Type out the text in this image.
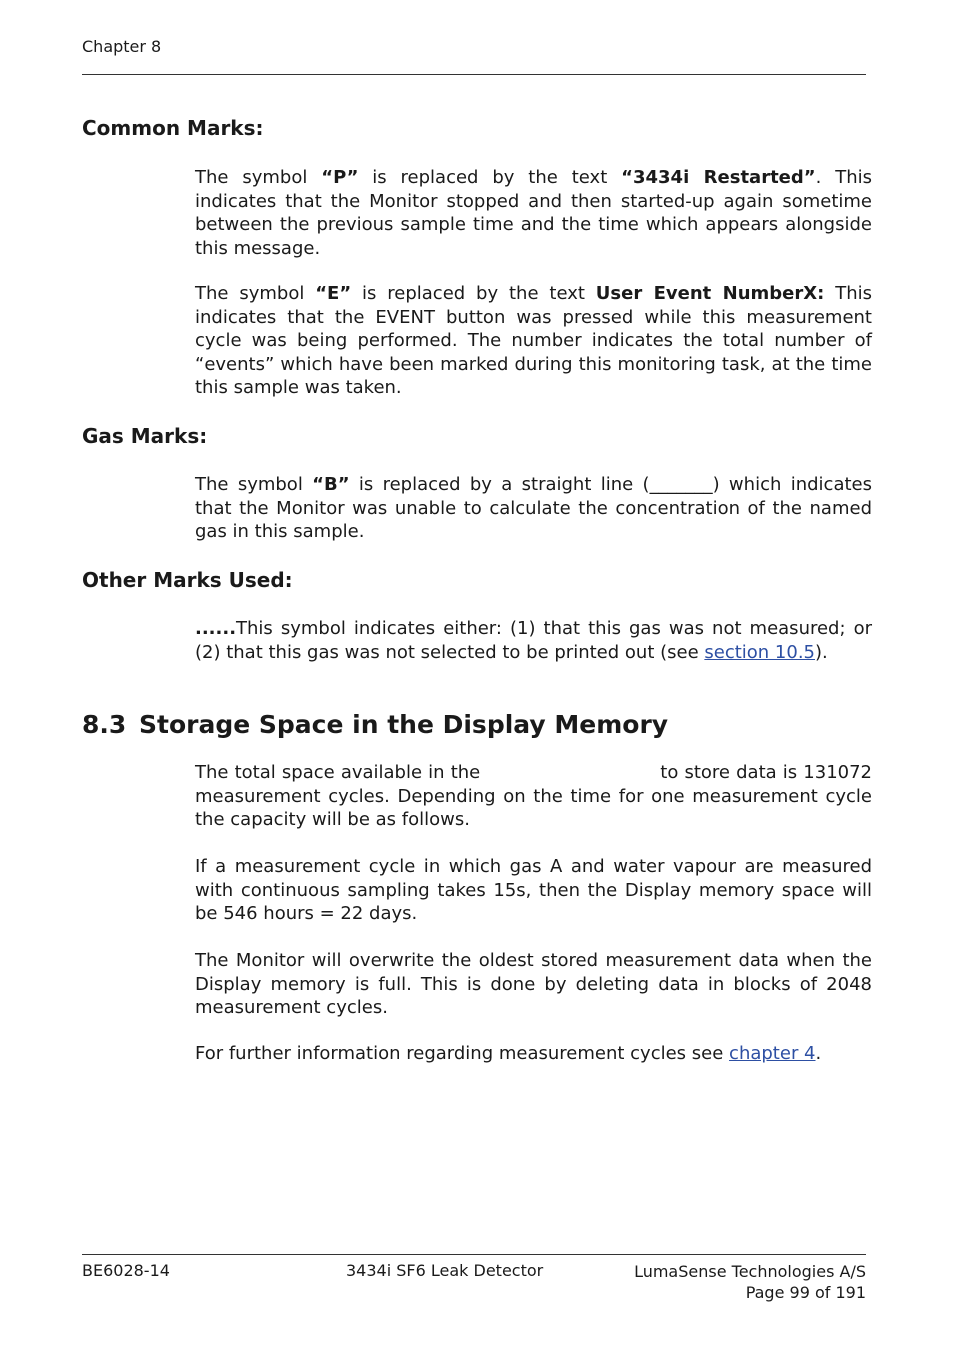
Chapter 8
Common Marks:

The symbol “P” is replaced by the text “3434i Restarted”. This indicates that the Monitor stopped and then started-up again sometime between the previous sample time and the time which appears alongside this message.

The symbol “E” is replaced by the text User Event NumberX: This indicates that the EVENT button was pressed while this measurement cycle was being performed. The number indicates the total number of “events” which have been marked during this monitoring task, at the time this sample was taken.

Gas Marks:

The symbol “B” is replaced by a straight line (_______) which indicates that the Monitor was unable to calculate the concentration of the named gas in this sample.

Other Marks Used:

......This symbol indicates either: (1) that this gas was not measured; or (2) that this gas was not selected to be printed out (see section 10.5).

8.3 Storage Space in the Display Memory

The total space available in the	to store data is 131072 measurement cycles. Depending on the time for one measurement cycle the capacity will be as follows.

If a measurement cycle in which gas A and water vapour are measured with continuous sampling takes 15s, then the Display memory space will be 546 hours = 22 days.

The Monitor will overwrite the oldest stored measurement data when the Display memory is full. This is done by deleting data in blocks of 2048 measurement cycles.

For further information regarding measurement cycles see chapter 4.

BE6028-14	3434i SF6 Leak Detector	LumaSense Technologies A/S
Page 99 of 191
